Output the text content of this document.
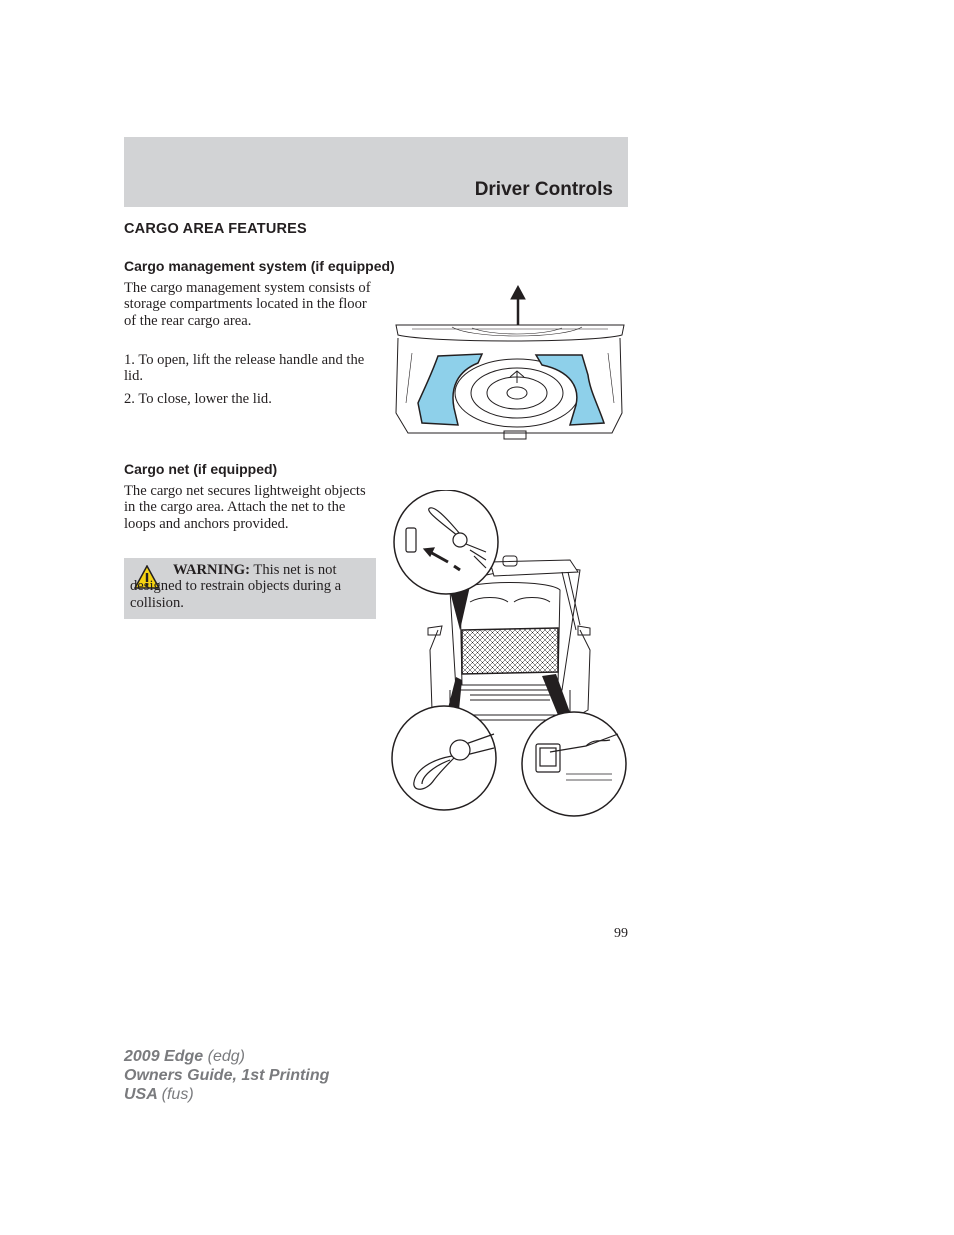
Driver Controls
CARGO AREA FEATURES
Cargo management system (if equipped)

The cargo management system consists of storage compartments located in the floor of the rear cargo area.

1. To open, lift the release handle and the lid.

2. To close, lower the lid.

Cargo net (if equipped)

The cargo net secures lightweight objects in the cargo area. Attach the net to the loops and anchors provided.

WARNING: This net is not designed to restrain objects during a collision.

99
2009 Edge (edg)
Owners Guide, 1st Printing
USA (fus)
